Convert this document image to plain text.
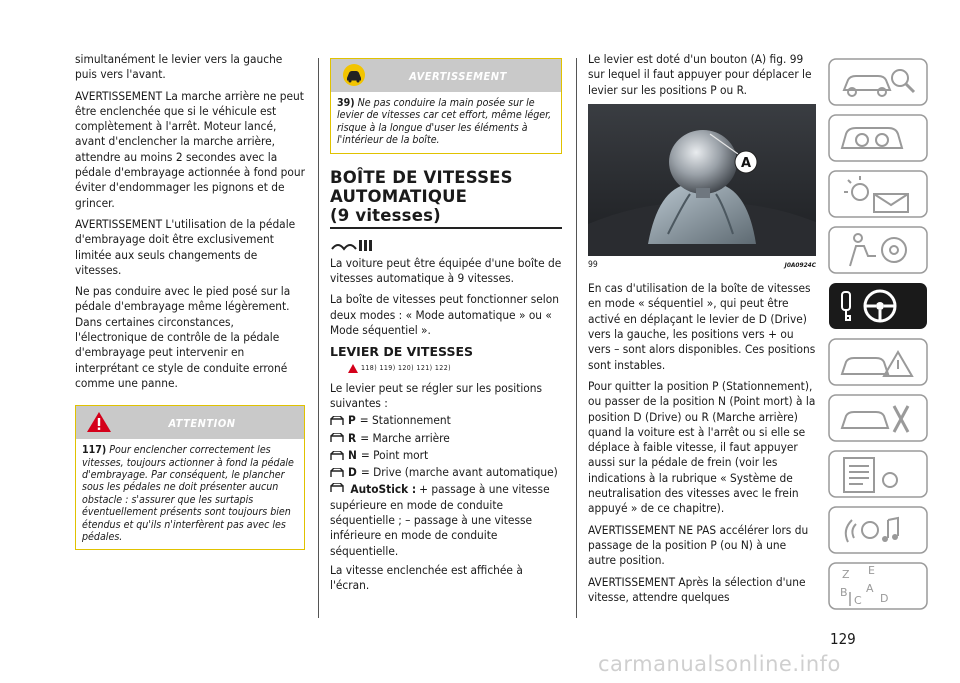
simultanément le levier vers la gauche puis vers l'avant.

AVERTISSEMENT La marche arrière ne peut être enclenchée que si le véhicule est complètement à l'arrêt. Moteur lancé, avant d'enclencher la marche arrière, attendre au moins 2 secondes avec la pédale d'embrayage actionnée à fond pour éviter d'endommager les pignons et de grincer.

AVERTISSEMENT L'utilisation de la pédale d'embrayage doit être exclusivement limitée aux seuls changements de vitesses.

Ne pas conduire avec le pied posé sur la pédale d'embrayage même légèrement. Dans certaines circonstances, l'électronique de contrôle de la pédale d'embrayage peut intervenir en interprétant ce style de conduite erroné comme une panne.

ATTENTION
117) Pour enclencher correctement les vitesses, toujours actionner à fond la pédale d'embrayage. Par conséquent, le plancher sous les pédales ne doit présenter aucun obstacle : s'assurer que les surtapis éventuellement présents sont toujours bien étendus et qu'ils n'interfèrent pas avec les pédales.
AVERTISSEMENT
39) Ne pas conduire la main posée sur le levier de vitesses car cet effort, même léger, risque à la longue d'user les éléments à l'intérieur de la boîte.
BOÎTE DE VITESSES
AUTOMATIQUE
(9 vitesses)

La voiture peut être équipée d'une boîte de vitesses automatique à 9 vitesses.

La boîte de vitesses peut fonctionner selon deux modes : « Mode automatique » ou « Mode séquentiel ».

LEVIER DE VITESSES
118) 119) 120) 121) 122)

Le levier peut se régler sur les positions suivantes :

P = Stationnement
R = Marche arrière
N = Point mort
D = Drive (marche avant automatique)

AutoStick : + passage à une vitesse supérieure en mode de conduite séquentielle ; – passage à une vitesse inférieure en mode de conduite séquentielle.

La vitesse enclenchée est affichée à l'écran.

Le levier est doté d'un bouton (A) fig. 99 sur lequel il faut appuyer pour déplacer le levier sur les positions P ou R.

A
99	J0A0924C

En cas d'utilisation de la boîte de vitesses en mode « séquentiel », qui peut être activé en déplaçant le levier de D (Drive) vers la gauche, les positions vers + ou vers – sont alors disponibles. Ces positions sont instables.

Pour quitter la position P (Stationnement), ou passer de la position N (Point mort) à la position D (Drive) ou R (Marche arrière) quand la voiture est à l'arrêt ou si elle se déplace à faible vitesse, il faut appuyer aussi sur la pédale de frein (voir les indications à la rubrique « Système de neutralisation des vitesses avec le frein appuyé » de ce chapitre).

AVERTISSEMENT NE PAS accélérer lors du passage de la position P (ou N) à une autre position.

AVERTISSEMENT Après la sélection d'une vitesse, attendre quelques

Z E
B
C
A
D
129
carmanualsonline.info
